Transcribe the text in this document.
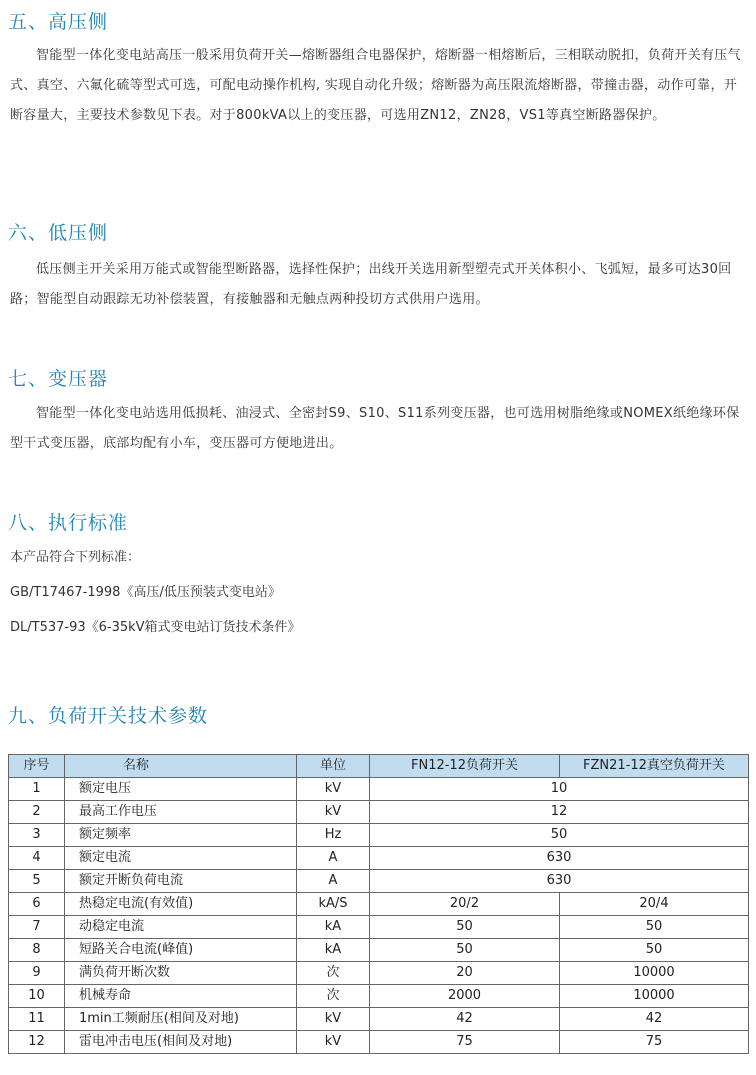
五、高压侧
智能型一体化变电站高压一般采用负荷开关—熔断器组合电器保护，熔断器一相熔断后，三相联动脱扣，负荷开关有压气式、真空、六氟化硫等型式可选，可配电动操作机构, 实现自动化升级；熔断器为高压限流熔断器，带撞击器，动作可靠，开断容量大，主要技术参数见下表。对于800kVA以上的变压器，可选用ZN12，ZN28，VS1等真空断路器保护。
六、低压侧
低压侧主开关采用万能式或智能型断路器，选择性保护；出线开关选用新型塑壳式开关体积小、飞弧短，最多可达30回路；智能型自动跟踪无功补偿装置，有接触器和无触点两种投切方式供用户选用。
七、变压器
智能型一体化变电站选用低损耗、油浸式、全密封S9、S10、S11系列变压器，也可选用树脂绝缘或NOMEX纸绝缘环保型干式变压器，底部均配有小车，变压器可方便地进出。
八、执行标准
本产品符合下列标准：
GB/T17467-1998《高压/低压预装式变电站》
DL/T537-93《6-35kV箱式变电站订货技术条件》
九、负荷开关技术参数
序号	名称	单位	FN12-12负荷开关	FZN21-12真空负荷开关
1	额定电压	kV	10	
2	最高工作电压	kV	12	
3	额定频率	Hz	50	
4	额定电流	A	630	
5	额定开断负荷电流	A	630	
6	热稳定电流(有效值)	kA/S	20/2	20/4
7	动稳定电流	kA	50	50
8	短路关合电流(峰值)	kA	50	50
9	满负荷开断次数	次	20	10000
10	机械寿命	次	2000	10000
11	1min工频耐压(相间及对地)	kV	42	42
12	雷电冲击电压(相间及对地)	kV	75	75
